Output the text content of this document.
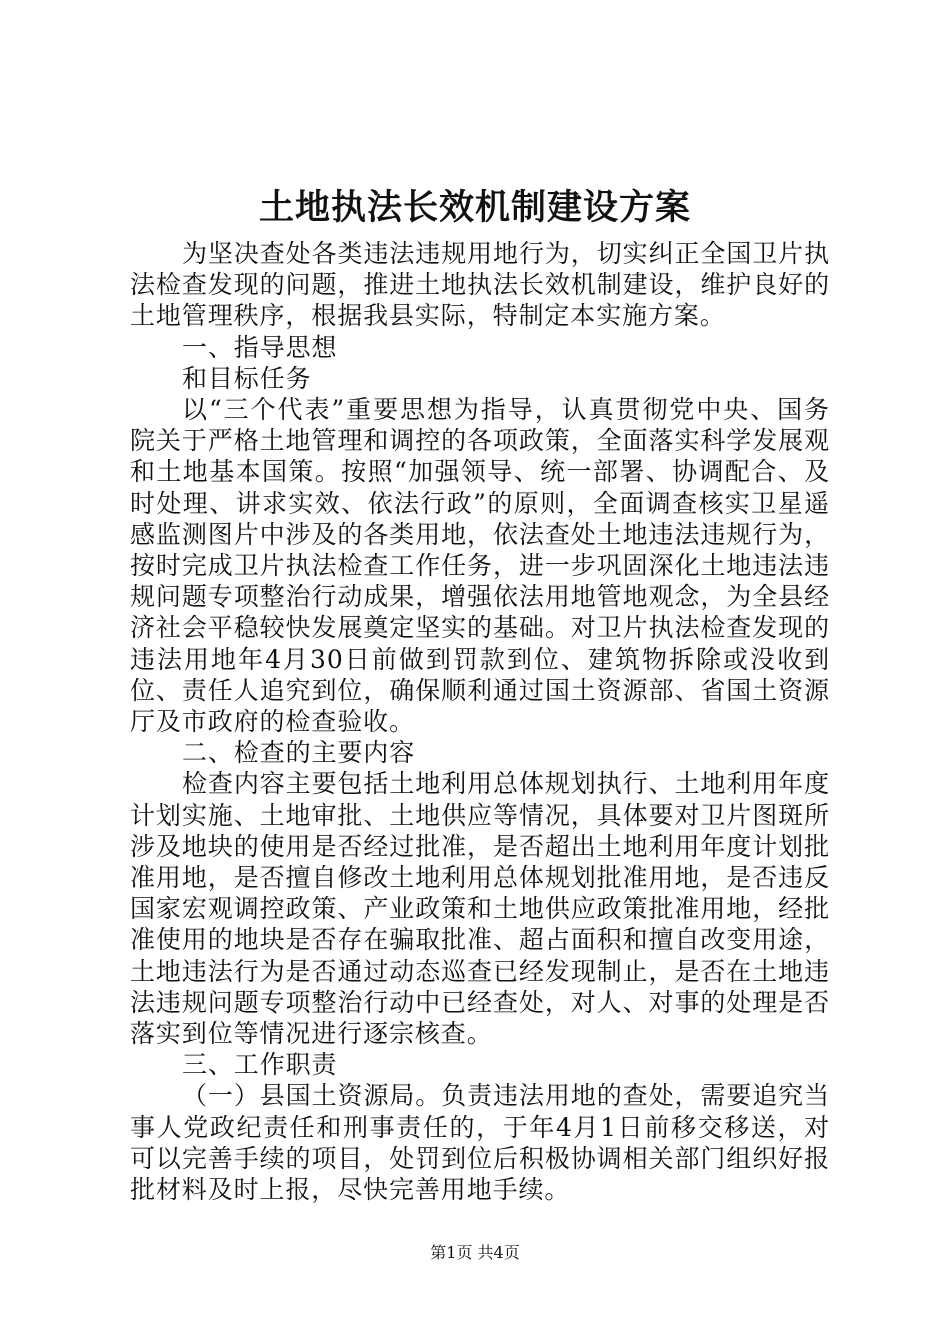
土地执法长效机制建设方案

为坚决查处各类违法违规用地行为，切实纠正全国卫片执法检查发现的问题，推进土地执法长效机制建设，维护良好的土地管理秩序，根据我县实际，特制定本实施方案。

一、指导思想

和目标任务

以“三个代表”重要思想为指导，认真贯彻党中央、国务院关于严格土地管理和调控的各项政策，全面落实科学发展观和土地基本国策。按照“加强领导、统一部署、协调配合、及时处理、讲求实效、依法行政”的原则，全面调查核实卫星遥感监测图片中涉及的各类用地，依法查处土地违法违规行为，按时完成卫片执法检查工作任务，进一步巩固深化土地违法违规问题专项整治行动成果，增强依法用地管地观念，为全县经济社会平稳较快发展奠定坚实的基础。对卫片执法检查发现的违法用地年4月30日前做到罚款到位、建筑物拆除或没收到位、责任人追究到位，确保顺利通过国土资源部、省国土资源厅及市政府的检查验收。

二、检查的主要内容

检查内容主要包括土地利用总体规划执行、土地利用年度计划实施、土地审批、土地供应等情况，具体要对卫片图斑所涉及地块的使用是否经过批准，是否超出土地利用年度计划批准用地，是否擅自修改土地利用总体规划批准用地，是否违反国家宏观调控政策、产业政策和土地供应政策批准用地，经批准使用的地块是否存在骗取批准、超占面积和擅自改变用途，土地违法行为是否通过动态巡查已经发现制止，是否在土地违法违规问题专项整治行动中已经查处，对人、对事的处理是否落实到位等情况进行逐宗核查。

三、工作职责

（一）县国土资源局。负责违法用地的查处，需要追究当事人党政纪责任和刑事责任的，于年4月1日前移交移送，对可以完善手续的项目，处罚到位后积极协调相关部门组织好报批材料及时上报，尽快完善用地手续。

第1页 共4页
